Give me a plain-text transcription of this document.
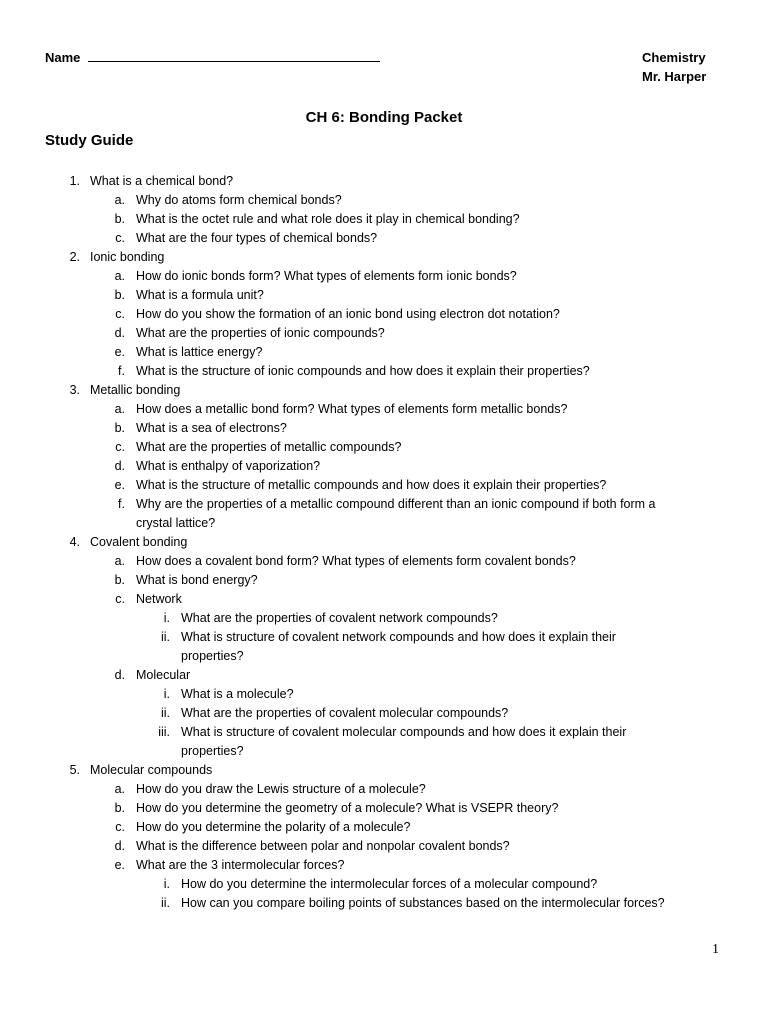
Name	Chemistry
Mr. Harper
CH 6: Bonding Packet
Study Guide
1. What is a chemical bond?
a. Why do atoms form chemical bonds?
b. What is the octet rule and what role does it play in chemical bonding?
c. What are the four types of chemical bonds?
2. Ionic bonding
a. How do ionic bonds form? What types of elements form ionic bonds?
b. What is a formula unit?
c. How do you show the formation of an ionic bond using electron dot notation?
d. What are the properties of ionic compounds?
e. What is lattice energy?
f. What is the structure of ionic compounds and how does it explain their properties?
3. Metallic bonding
a. How does a metallic bond form? What types of elements form metallic bonds?
b. What is a sea of electrons?
c. What are the properties of metallic compounds?
d. What is enthalpy of vaporization?
e. What is the structure of metallic compounds and how does it explain their properties?
f. Why are the properties of a metallic compound different than an ionic compound if both form a
crystal lattice?
4. Covalent bonding
a. How does a covalent bond form? What types of elements form covalent bonds?
b. What is bond energy?
c. Network
i. What are the properties of covalent network compounds?
ii. What is structure of covalent network compounds and how does it explain their
properties?
d. Molecular
i. What is a molecule?
ii. What are the properties of covalent molecular compounds?
iii. What is structure of covalent molecular compounds and how does it explain their
properties?
5. Molecular compounds
a. How do you draw the Lewis structure of a molecule?
b. How do you determine the geometry of a molecule? What is VSEPR theory?
c. How do you determine the polarity of a molecule?
d. What is the difference between polar and nonpolar covalent bonds?
e. What are the 3 intermolecular forces?
i. How do you determine the intermolecular forces of a molecular compound?
ii. How can you compare boiling points of substances based on the intermolecular forces?
1
